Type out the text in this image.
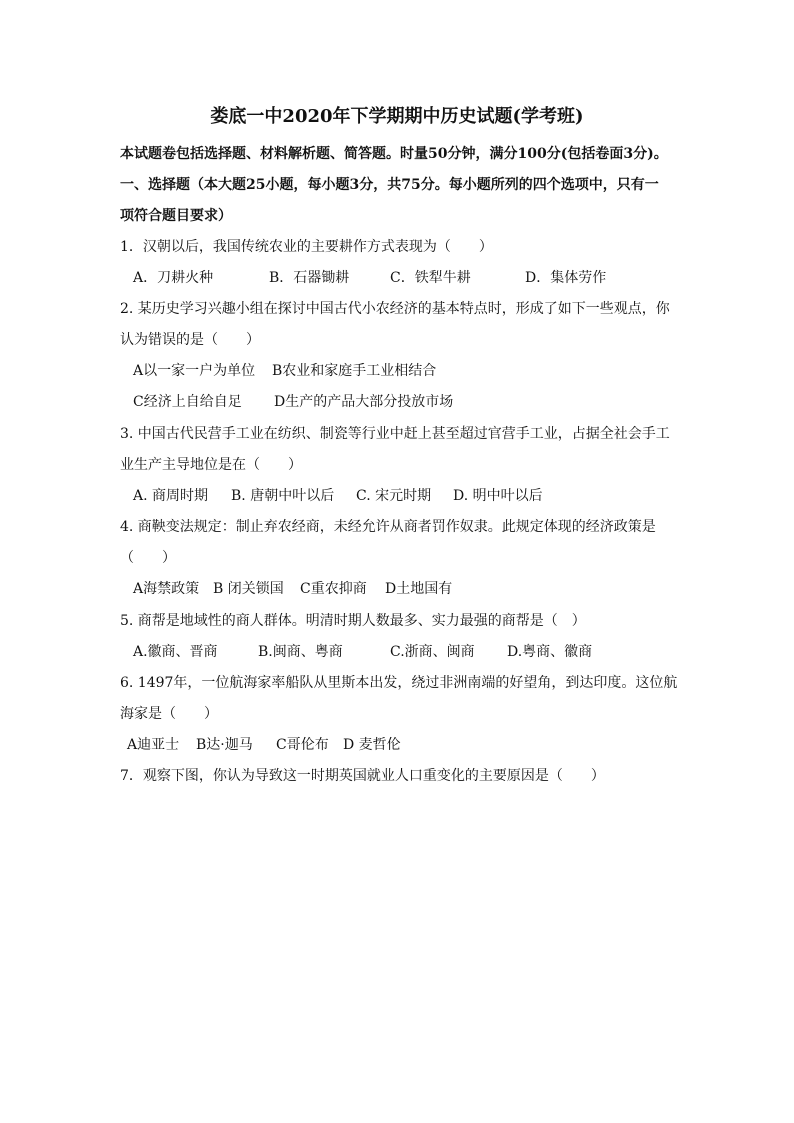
娄底一中2020年下学期期中历史试题(学考班)
本试题卷包括选择题、材料解析题、简答题。时量50分钟，满分100分(包括卷面3分)。
一、选择题（本大题25小题，每小题3分，共75分。每小题所列的四个选项中，只有一
项符合题目要求）
1．汉朝以后，我国传统农业的主要耕作方式表现为（　　）
A．刀耕火种	B．石器锄耕	C．铁犁牛耕	D．集体劳作
2. 某历史学习兴趣小组在探讨中国古代小农经济的基本特点时，形成了如下一些观点，你
认为错误的是（　　）
A以一家一户为单位 B农业和家庭手工业相结合
C经济上自给自足 D生产的产品大部分投放市场
3. 中国古代民营手工业在纺织、制瓷等行业中赶上甚至超过官营手工业，占据全社会手工
业生产主导地位是在（　　）
A. 商周时期 B. 唐朝中叶以后 C. 宋元时期 D. 明中叶以后
4. 商鞅变法规定：制止弃农经商，未经允许从商者罚作奴隶。此规定体现的经济政策是
（　　）
A海禁政策 B 闭关锁国 C重农抑商 D土地国有
5. 商帮是地域性的商人群体。明清时期人数最多、实力最强的商帮是（　）
A.徽商、晋商	B.闽商、粤商	C.浙商、闽商 D.粤商、徽商
6. 1497年，一位航海家率船队从里斯本出发，绕过非洲南端的好望角，到达印度。这位航
海家是（　　）
A迪亚士 B达·迦马 C哥伦布 D 麦哲伦
7．观察下图，你认为导致这一时期英国就业人口重变化的主要原因是（　　）
